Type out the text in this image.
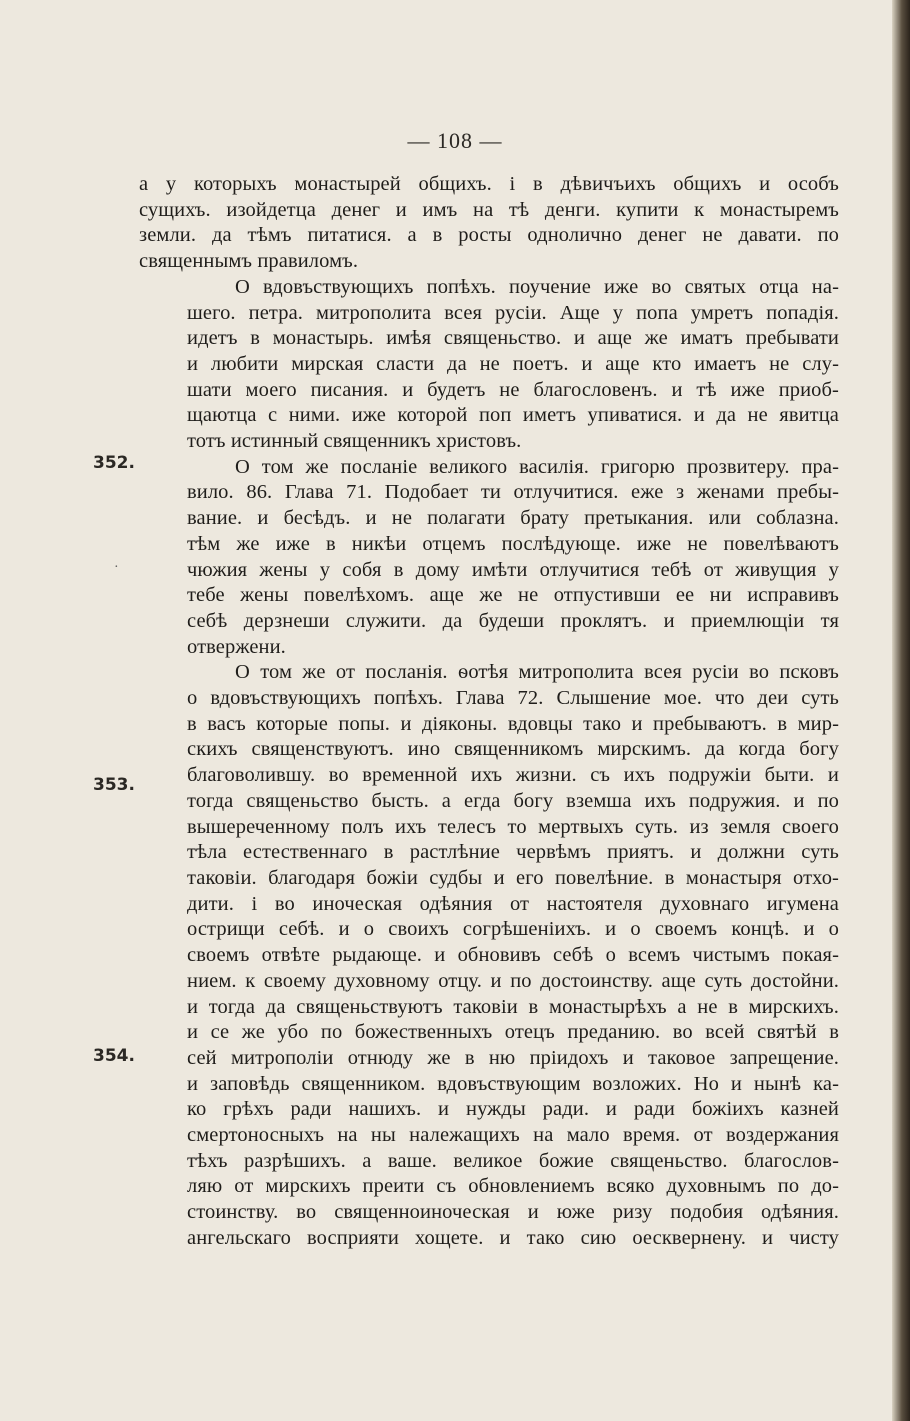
— 108 —
352.
353.
354.
·

а у которыхъ монастырей общихъ. і в дѣвичъихъ общихъ и особъ
сущихъ. изойдетца денег и имъ на тѣ денги. купити к монастыремъ
земли. да тѣмъ питатися. а в росты однолично денег не давати. по
священнымъ правиломъ.

О вдовъствующихъ попѣхъ. поучение иже во святых отца на-
шего. петра. митрополита всея русіи. Аще у попа умретъ попадія.
идетъ в монастырь. имѣя священьство. и аще же иматъ пребывати
и любити мирская сласти да не поетъ. и аще кто имаетъ не слу-
шати моего писания. и будетъ не благословенъ. и тѣ иже приоб-
щаютца с ними. иже которой поп иметъ упиватися. и да не явитца
тотъ истинный священникъ христовъ.

О том же посланіе великого василія. григорю прозвитеру. пра-
вило. 86. Глава 71. Подобает ти отлучитися. еже з женами пребы-
вание. и бесѣдъ. и не полагати брату претыкания. или соблазна.
тѣм же иже в никѣи отцемъ послѣдующе. иже не повелѣваютъ
чюжия жены у собя в дому имѣти отлучитися тебѣ от живущия у
тебе жены повелѣхомъ. аще же не отпустивши ее ни исправивъ
себѣ дерзнеши служити. да будеши проклятъ. и приемлющіи тя
отвержени.

О том же от посланія. ѳотѣя митрополита всея русіи во псковъ
о вдовъствующихъ попѣхъ. Глава 72. Слышение мое. что деи суть
в васъ которые попы. и діяконы. вдовцы тако и пребываютъ. в мир-
скихъ священствуютъ. ино священникомъ мирскимъ. да когда богу
благоволившу. во временной ихъ жизни. съ ихъ подружіи быти. и
тогда священьство бысть. а егда богу вземша ихъ подружия. и по
вышереченному полъ ихъ телесъ то мертвыхъ суть. из земля своего
тѣла естественнаго в растлѣние червѣмъ приятъ. и должни суть
таковіи. благодаря божіи судбы и его повелѣние. в монастыря отхо-
дити. і во иноческая одѣяния от настоятеля духовнаго игумена
острищи себѣ. и о своихъ согрѣшеніихъ. и о своемъ концѣ. и о
своемъ отвѣте рыдающе. и обновивъ себѣ о всемъ чистымъ покая-
нием. к своему духовному отцу. и по достоинству. аще суть достойни.
и тогда да священьствуютъ таковіи в монастырѣхъ а не в мирскихъ.
и се же убо по божественныхъ отецъ преданию. во всей святѣй в
сей митрополіи отнюду же в ню пріидохъ и таковое запрещение.
и заповѣдь священником. вдовъствующим возложих. Но и нынѣ ка-
ко грѣхъ ради нашихъ. и нужды ради. и ради божіихъ казней
смертоносныхъ на ны належащихъ на мало время. от воздержания
тѣхъ разрѣшихъ. а ваше. великое божие священьство. благослов-
ляю от мирскихъ преити съ обновлениемъ всяко духовнымъ по до-
стоинству. во священноиноческая и юже ризу подобия одѣяния.
ангельскаго восприяти хощете. и тако сию оесквернену. и чисту
